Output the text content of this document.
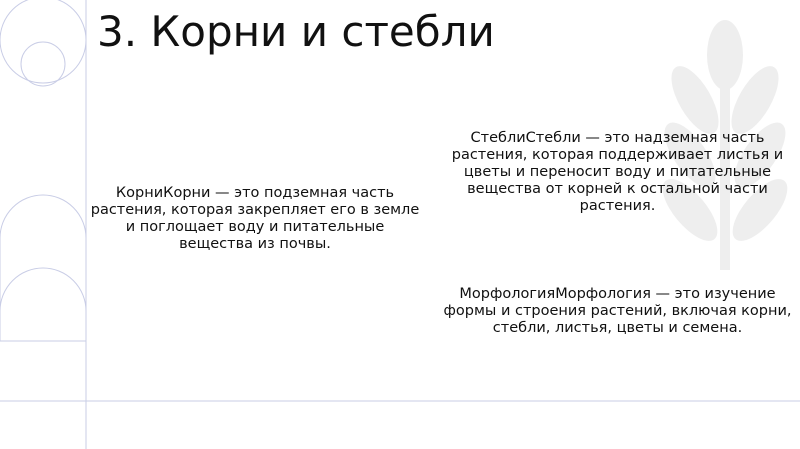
3. Корни и стебли
КорниКорни — это подземная часть растения, которая закрепляет его в земле и поглощает воду и питательные вещества из почвы.
СтеблиСтебли — это надземная часть растения, которая поддерживает листья и цветы и переносит воду и питательные вещества от корней к остальной части растения.
МорфологияМорфология — это изучение формы и строения растений, включая корни, стебли, листья, цветы и семена.
